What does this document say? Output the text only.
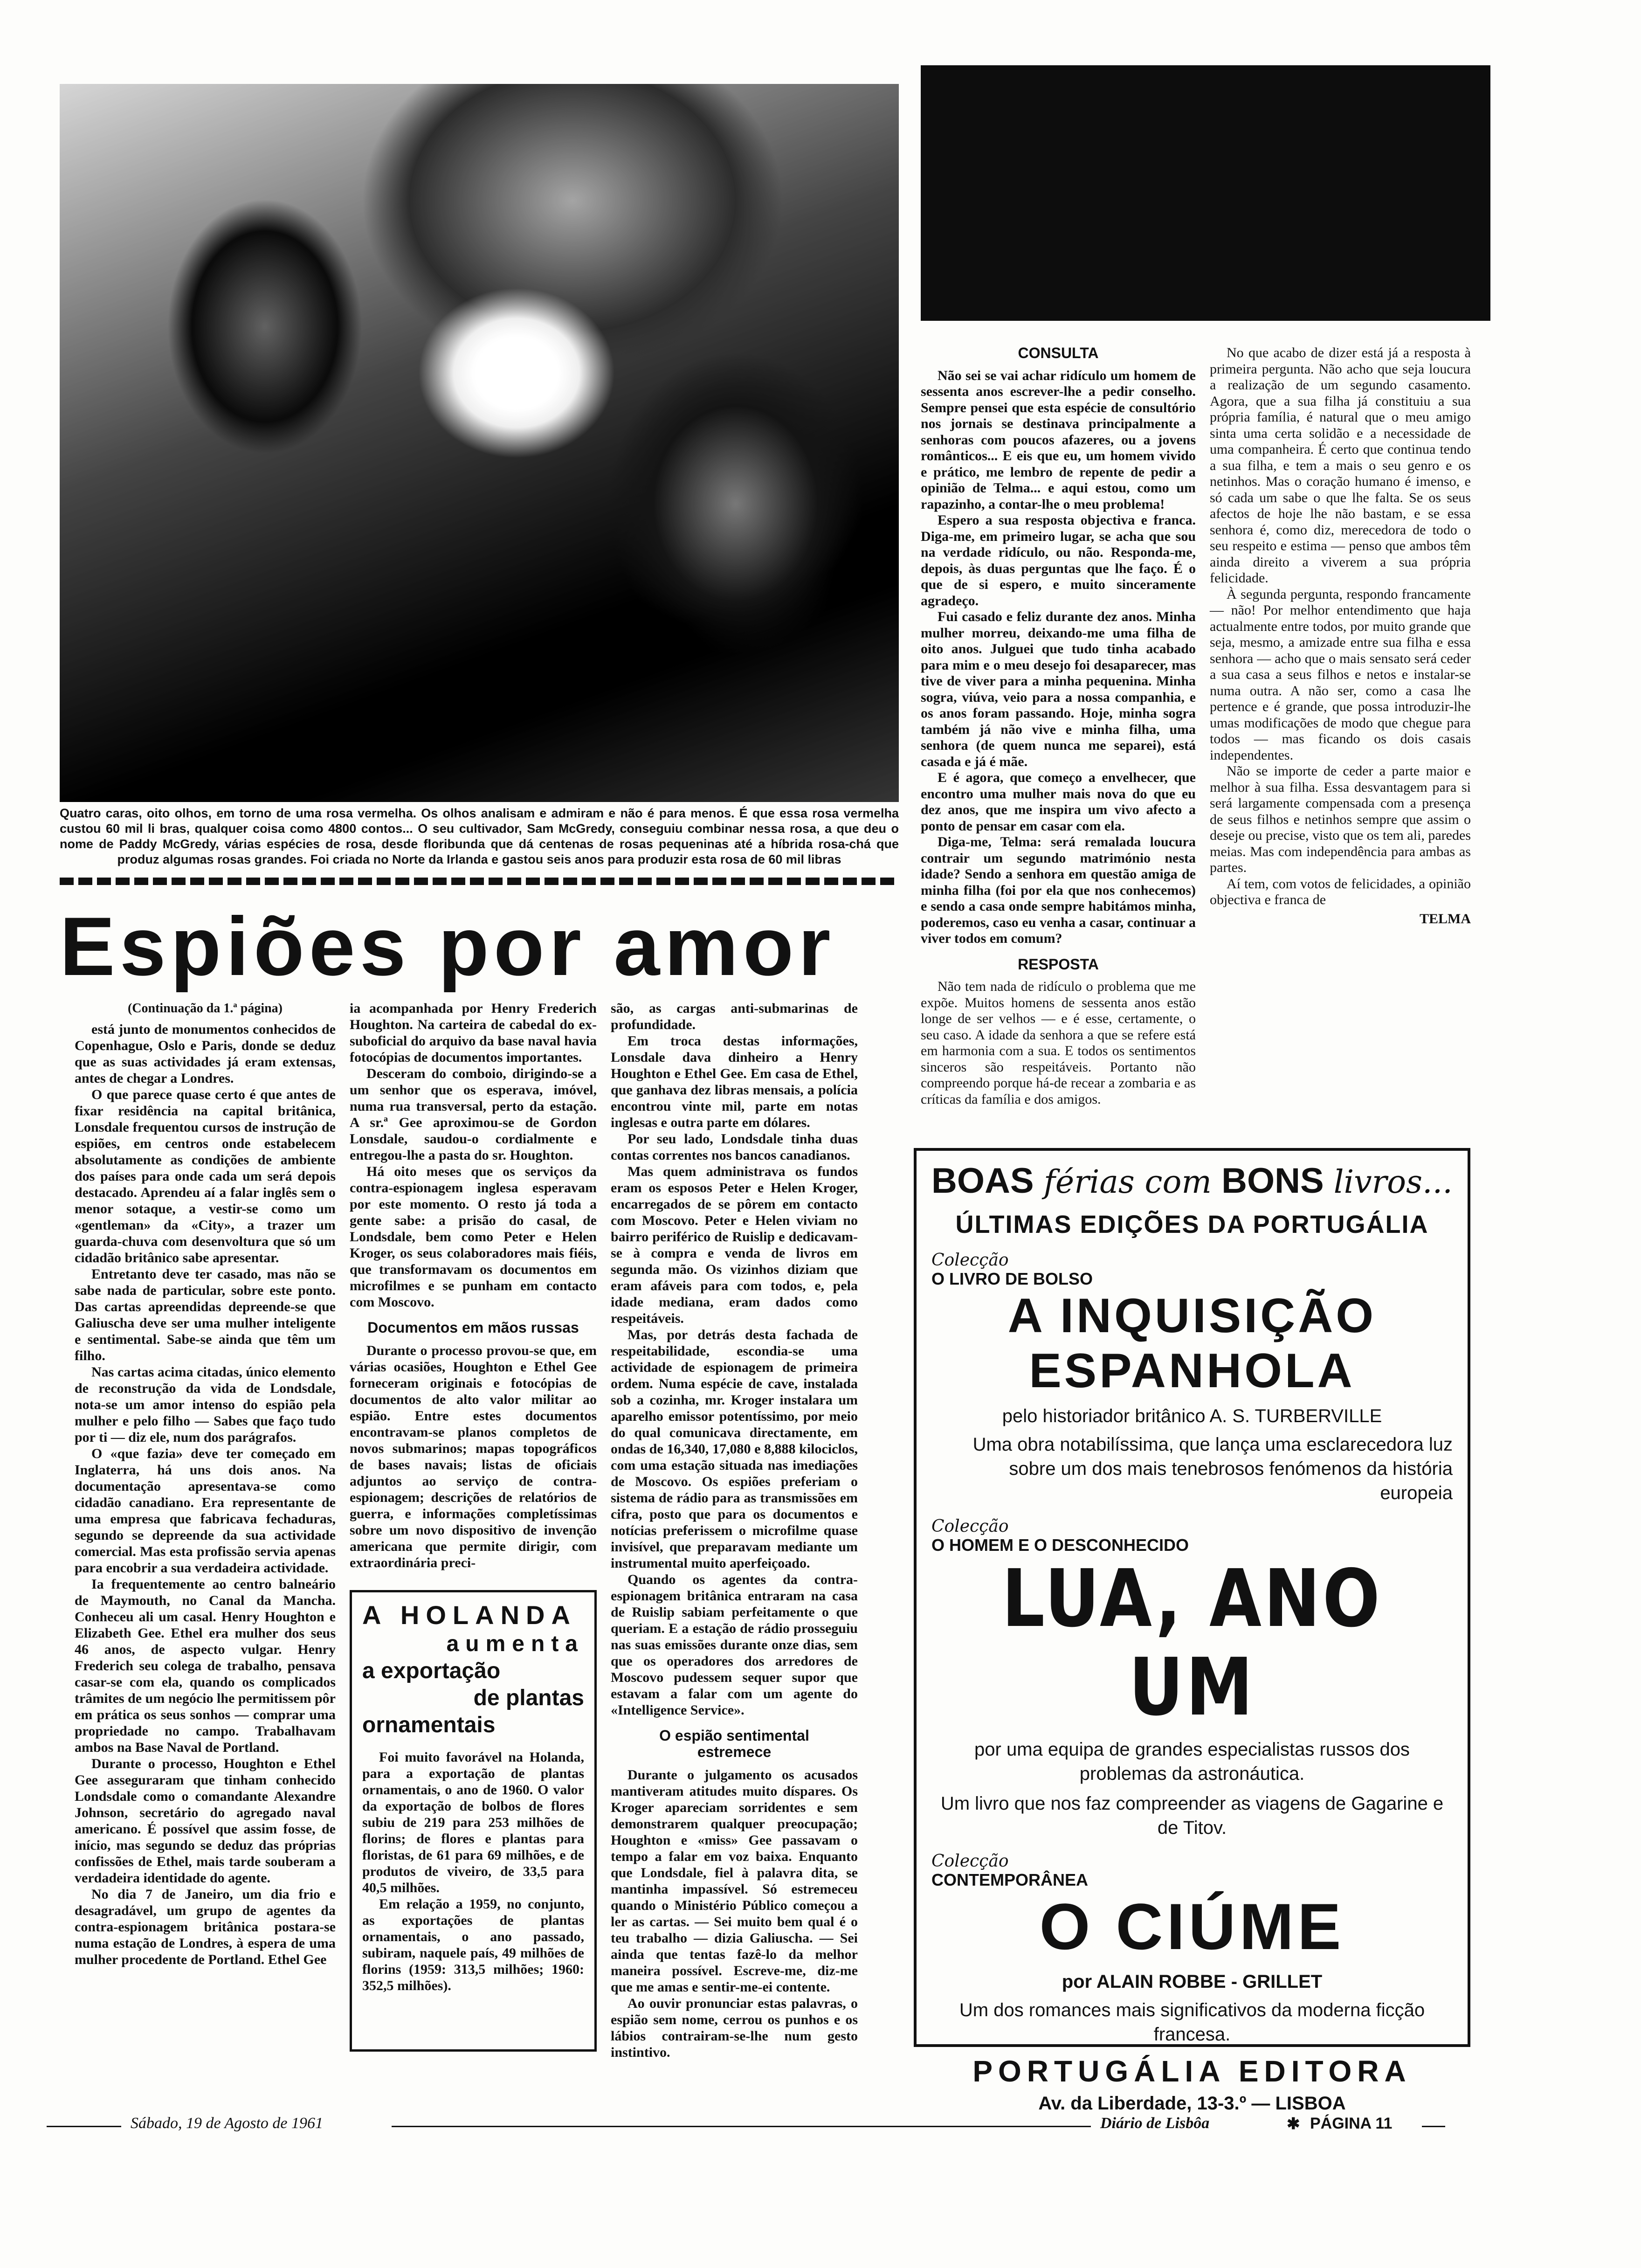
Quatro caras, oito olhos, em torno de uma rosa vermelha. Os olhos analisam e admiram e não é para menos. É que essa rosa vermelha custou 60 mil li bras, qualquer coisa como 4800 contos... O seu cultivador, Sam McGredy, conseguiu combinar nessa rosa, a que deu o nome de Paddy McGredy, várias espécies de rosa, desde floribunda que dá centenas de rosas pequeninas até a híbrida rosa-chá que produz algumas rosas grandes. Foi criada no Norte da Irlanda e gastou seis anos para produzir esta rosa de 60 mil libras
Espiões por amor
(Continuação da 1.ª página)

está junto de monumentos conhecidos de Copenhague, Oslo e Paris, donde se deduz que as suas actividades já eram extensas, antes de chegar a Londres.

O que parece quase certo é que antes de fixar residência na capital britânica, Lonsdale frequentou cursos de instrução de espiões, em centros onde estabelecem absolutamente as condições de ambiente dos países para onde cada um será depois destacado. Aprendeu aí a falar inglês sem o menor sotaque, a vestir-se como um «gentleman» da «City», a trazer um guarda-chuva com desenvoltura que só um cidadão britânico sabe apresentar.

Entretanto deve ter casado, mas não se sabe nada de particular, sobre este ponto. Das cartas apreendidas depreende-se que Galiuscha deve ser uma mulher inteligente e sentimental. Sabe-se ainda que têm um filho.

Nas cartas acima citadas, único elemento de reconstrução da vida de Londsdale, nota-se um amor intenso do espião pela mulher e pelo filho — Sabes que faço tudo por ti — diz ele, num dos parágrafos.

O «que fazia» deve ter começado em Inglaterra, há uns dois anos. Na documentação apresentava-se como cidadão canadiano. Era representante de uma empresa que fabricava fechaduras, segundo se depreende da sua actividade comercial. Mas esta profissão servia apenas para encobrir a sua verdadeira actividade.

Ia frequentemente ao centro balneário de Maymouth, no Canal da Mancha. Conheceu ali um casal. Henry Houghton e Elizabeth Gee. Ethel era mulher dos seus 46 anos, de aspecto vulgar. Henry Frederich seu colega de trabalho, pensava casar-se com ela, quando os complicados trâmites de um negócio lhe permitissem pôr em prática os seus sonhos — comprar uma propriedade no campo. Trabalhavam ambos na Base Naval de Portland.

Durante o processo, Houghton e Ethel Gee asseguraram que tinham conhecido Londsdale como o comandante Alexandre Johnson, secretário do agregado naval americano. É possível que assim fosse, de início, mas segundo se deduz das próprias confissões de Ethel, mais tarde souberam a verdadeira identidade do agente.

No dia 7 de Janeiro, um dia frio e desagradável, um grupo de agentes da contra-espionagem britânica postara-se numa estação de Londres, à espera de uma mulher procedente de Portland. Ethel Gee

ia acompanhada por Henry Frederich Houghton. Na carteira de cabedal do ex-suboficial do arquivo da base naval havia fotocópias de documentos importantes.

Desceram do comboio, dirigindo-se a um senhor que os esperava, imóvel, numa rua transversal, perto da estação. A sr.ª Gee aproximou-se de Gordon Lonsdale, saudou-o cordialmente e entregou-lhe a pasta do sr. Houghton.

Há oito meses que os serviços da contra-espionagem inglesa esperavam por este momento. O resto já toda a gente sabe: a prisão do casal, de Londsdale, bem como Peter e Helen Kroger, os seus colaboradores mais fiéis, que transformavam os documentos em microfilmes e se punham em contacto com Moscovo.

Documentos em mãos russas

Durante o processo provou-se que, em várias ocasiões, Houghton e Ethel Gee forneceram originais e fotocópias de documentos de alto valor militar ao espião. Entre estes documentos encontravam-se planos completos de novos submarinos; mapas topográficos de bases navais; listas de oficiais adjuntos ao serviço de contra-espionagem; descrições de relatórios de guerra, e informações completíssimas sobre um novo dispositivo de invenção americana que permite dirigir, com extraordinária preci-

A HOLANDA
aumenta
a exportação
de plantas
ornamentais

Foi muito favorável na Holanda, para a exportação de plantas ornamentais, o ano de 1960. O valor da exportação de bolbos de flores subiu de 219 para 253 milhões de florins; de flores e plantas para floristas, de 61 para 69 milhões, e de produtos de viveiro, de 33,5 para 40,5 milhões.

Em relação a 1959, no conjunto, as exportações de plantas ornamentais, o ano passado, subiram, naquele país, 49 milhões de florins (1959: 313,5 milhões; 1960: 352,5 milhões).

são, as cargas anti-submarinas de profundidade.

Em troca destas informações, Lonsdale dava dinheiro a Henry Houghton e Ethel Gee. Em casa de Ethel, que ganhava dez libras mensais, a polícia encontrou vinte mil, parte em notas inglesas e outra parte em dólares.

Por seu lado, Londsdale tinha duas contas correntes nos bancos canadianos.

Mas quem administrava os fundos eram os esposos Peter e Helen Kroger, encarregados de se pôrem em contacto com Moscovo. Peter e Helen viviam no bairro periférico de Ruislip e dedicavam-se à compra e venda de livros em segunda mão. Os vizinhos diziam que eram afáveis para com todos, e, pela idade mediana, eram dados como respeitáveis.

Mas, por detrás desta fachada de respeitabilidade, escondia-se uma actividade de espionagem de primeira ordem. Numa espécie de cave, instalada sob a cozinha, mr. Kroger instalara um aparelho emissor potentíssimo, por meio do qual comunicava directamente, em ondas de 16,340, 17,080 e 8,888 kilociclos, com uma estação situada nas imediações de Moscovo. Os espiões preferiam o sistema de rádio para as transmissões em cifra, posto que para os documentos e notícias preferissem o microfilme quase invisível, que preparavam mediante um instrumental muito aperfeiçoado.

Quando os agentes da contra-espionagem britânica entraram na casa de Ruislip sabiam perfeitamente o que queriam. E a estação de rádio prosseguiu nas suas emissões durante onze dias, sem que os operadores dos arredores de Moscovo pudessem sequer supor que estavam a falar com um agente do «Intelligence Service».

O espião sentimental
estremece

Durante o julgamento os acusados mantiveram atitudes muito díspares. Os Kroger apareciam sorridentes e sem demonstrarem qualquer preocupação; Houghton e «miss» Gee passavam o tempo a falar em voz baixa. Enquanto que Londsdale, fiel à palavra dita, se mantinha impassível. Só estremeceu quando o Ministério Público começou a ler as cartas. — Sei muito bem qual é o teu trabalho — dizia Galiuscha. — Sei ainda que tentas fazê-lo da melhor maneira possível. Escreve-me, diz-me que me amas e sentir-me-ei contente.

Ao ouvir pronunciar estas palavras, o espião sem nome, cerrou os punhos e os lábios contrairam-se-lhe num gesto instintivo.

CONSULTA

Não sei se vai achar ridículo um homem de sessenta anos escrever-lhe a pedir conselho. Sempre pensei que esta espécie de consultório nos jornais se destinava principalmente a senhoras com poucos afazeres, ou a jovens românticos... E eis que eu, um homem vivido e prático, me lembro de repente de pedir a opinião de Telma... e aqui estou, como um rapazinho, a contar-lhe o meu problema!

Espero a sua resposta objectiva e franca. Diga-me, em primeiro lugar, se acha que sou na verdade ridículo, ou não. Responda-me, depois, às duas perguntas que lhe faço. É o que de si espero, e muito sinceramente agradeço.

Fui casado e feliz durante dez anos. Minha mulher morreu, deixando-me uma filha de oito anos. Julguei que tudo tinha acabado para mim e o meu desejo foi desaparecer, mas tive de viver para a minha pequenina. Minha sogra, viúva, veio para a nossa companhia, e os anos foram passando. Hoje, minha sogra também já não vive e minha filha, uma senhora (de quem nunca me separei), está casada e já é mãe.

E é agora, que começo a envelhecer, que encontro uma mulher mais nova do que eu dez anos, que me inspira um vivo afecto a ponto de pensar em casar com ela.

Diga-me, Telma: será remalada loucura contrair um segundo matrimónio nesta idade? Sendo a senhora em questão amiga de minha filha (foi por ela que nos conhecemos) e sendo a casa onde sempre habitámos minha, poderemos, caso eu venha a casar, continuar a viver todos em comum?

RESPOSTA

Não tem nada de ridículo o problema que me expõe. Muitos homens de sessenta anos estão longe de ser velhos — e é esse, certamente, o seu caso. A idade da senhora a que se refere está em harmonia com a sua. E todos os sentimentos sinceros são respeitáveis. Portanto não compreendo porque há-de recear a zombaria e as críticas da família e dos amigos.

No que acabo de dizer está já a resposta à primeira pergunta. Não acho que seja loucura a realização de um segundo casamento. Agora, que a sua filha já constituiu a sua própria família, é natural que o meu amigo sinta uma certa solidão e a necessidade de uma companheira. É certo que continua tendo a sua filha, e tem a mais o seu genro e os netinhos. Mas o coração humano é imenso, e só cada um sabe o que lhe falta. Se os seus afectos de hoje lhe não bastam, e se essa senhora é, como diz, merecedora de todo o seu respeito e estima — penso que ambos têm ainda direito a viverem a sua própria felicidade.

À segunda pergunta, respondo francamente — não! Por melhor entendimento que haja actualmente entre todos, por muito grande que seja, mesmo, a amizade entre sua filha e essa senhora — acho que o mais sensato será ceder a sua casa a seus filhos e netos e instalar-se numa outra. A não ser, como a casa lhe pertence e é grande, que possa introduzir-lhe umas modificações de modo que chegue para todos — mas ficando os dois casais independentes.

Não se importe de ceder a parte maior e melhor à sua filha. Essa desvantagem para si será largamente compensada com a presença de seus filhos e netinhos sempre que assim o deseje ou precise, visto que os tem ali, paredes meias. Mas com independência para ambas as partes.

Aí tem, com votos de felicidades, a opinião objectiva e franca de

TELMA
BOAS férias com BONS livros...
ÚLTIMAS EDIÇÕES DA PORTUGÁLIA
Colecção
O LIVRO DE BOLSO
A INQUISIÇÃO
ESPANHOLA
pelo historiador britânico A. S. TURBERVILLE
Uma obra notabilíssima, que lança uma esclarecedora luz sobre um dos mais tenebrosos fenómenos da história europeia
Colecção
O HOMEM E O DESCONHECIDO
LUA, ANO UM
por uma equipa de grandes especialistas russos dos problemas da astronáutica.
Um livro que nos faz compreender as viagens de Gagarine e de Titov.
Colecção
CONTEMPORÂNEA
O CIÚME
por ALAIN ROBBE - GRILLET
Um dos romances mais significativos da moderna ficção francesa.
PORTUGÁLIA EDITORA
Av. da Liberdade, 13-3.º — LISBOA
Sábado, 19 de Agosto de 1961	Diário de Lisbôa	✱ PÁGINA 11
